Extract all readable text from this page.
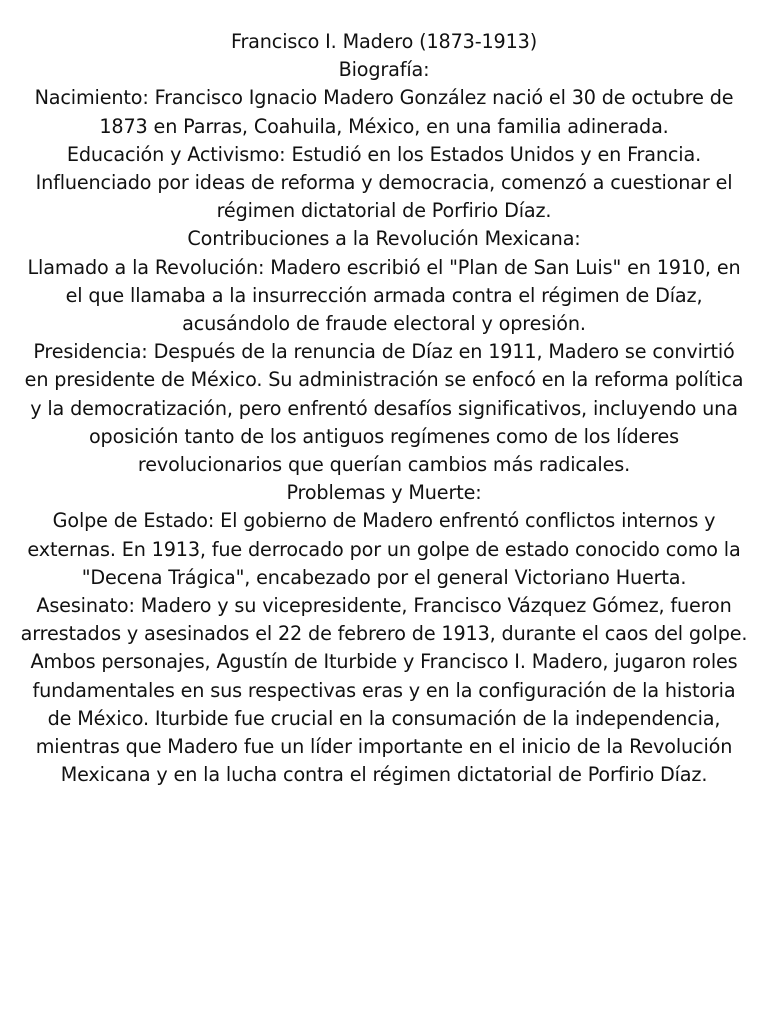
Francisco I. Madero (1873-1913)

Biografía:

Nacimiento: Francisco Ignacio Madero González nació el 30 de octubre de 1873 en Parras, Coahuila, México, en una familia adinerada.

Educación y Activismo: Estudió en los Estados Unidos y en Francia. Influenciado por ideas de reforma y democracia, comenzó a cuestionar el régimen dictatorial de Porfirio Díaz.

Contribuciones a la Revolución Mexicana:

Llamado a la Revolución: Madero escribió el "Plan de San Luis" en 1910, en el que llamaba a la insurrección armada contra el régimen de Díaz, acusándolo de fraude electoral y opresión.

Presidencia: Después de la renuncia de Díaz en 1911, Madero se convirtió en presidente de México. Su administración se enfocó en la reforma política y la democratización, pero enfrentó desafíos significativos, incluyendo una oposición tanto de los antiguos regímenes como de los líderes revolucionarios que querían cambios más radicales.

Problemas y Muerte:

Golpe de Estado: El gobierno de Madero enfrentó conflictos internos y externas. En 1913, fue derrocado por un golpe de estado conocido como la "Decena Trágica", encabezado por el general Victoriano Huerta.

Asesinato: Madero y su vicepresidente, Francisco Vázquez Gómez, fueron arrestados y asesinados el 22 de febrero de 1913, durante el caos del golpe.

Ambos personajes, Agustín de Iturbide y Francisco I. Madero, jugaron roles fundamentales en sus respectivas eras y en la configuración de la historia de México. Iturbide fue crucial en la consumación de la independencia, mientras que Madero fue un líder importante en el inicio de la Revolución Mexicana y en la lucha contra el régimen dictatorial de Porfirio Díaz.
